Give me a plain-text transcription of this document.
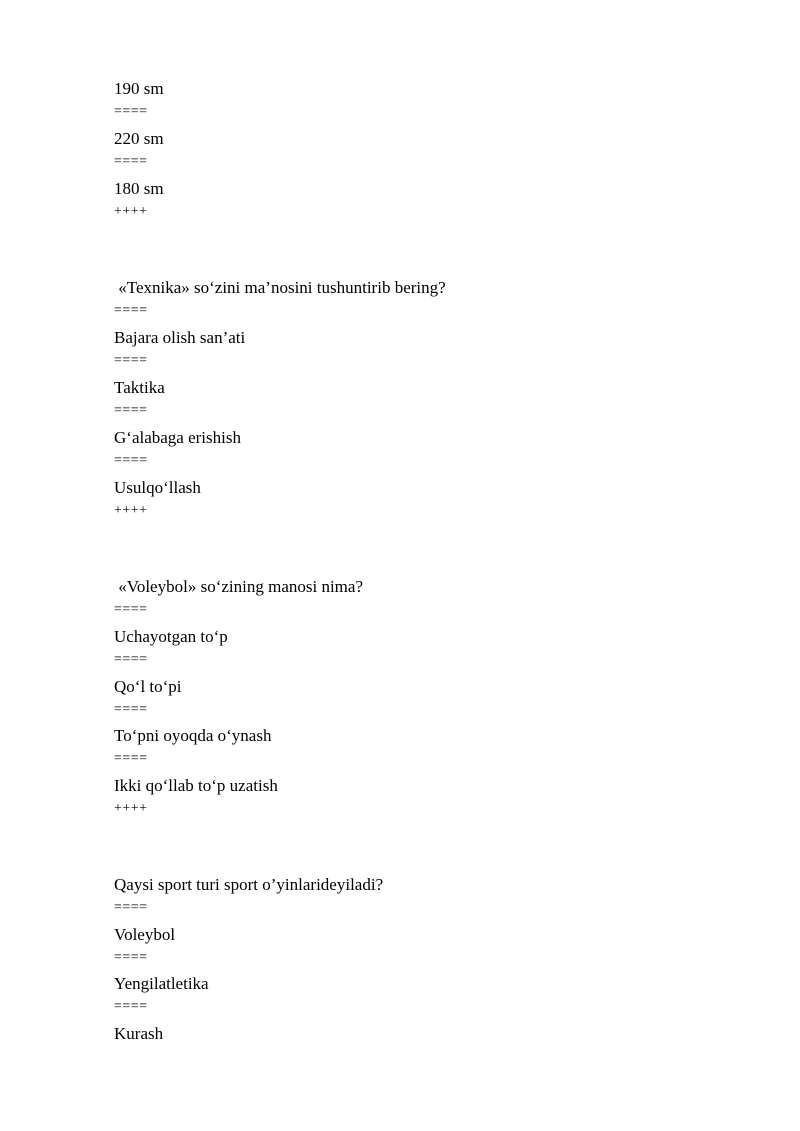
190 sm
====
220 sm
====
180 sm
++++
«Texnika» so‘zini ma’nosini tushuntirib bering?
====
Bajara olish san’ati
====
Taktika
====
G‘alabaga erishish
====
Usulqo‘llash
++++
«Voleybol» so‘zining manosi nima?
====
Uchayotgan to‘p
====
Qo‘l to‘pi
====
To‘pni oyoqda o‘ynash
====
Ikki qo‘llab to‘p uzatish
++++
Qaysi sport turi sport o’yinlarideyiladi?
====
Voleybol
====
Yengilatletika
====
Kurash
